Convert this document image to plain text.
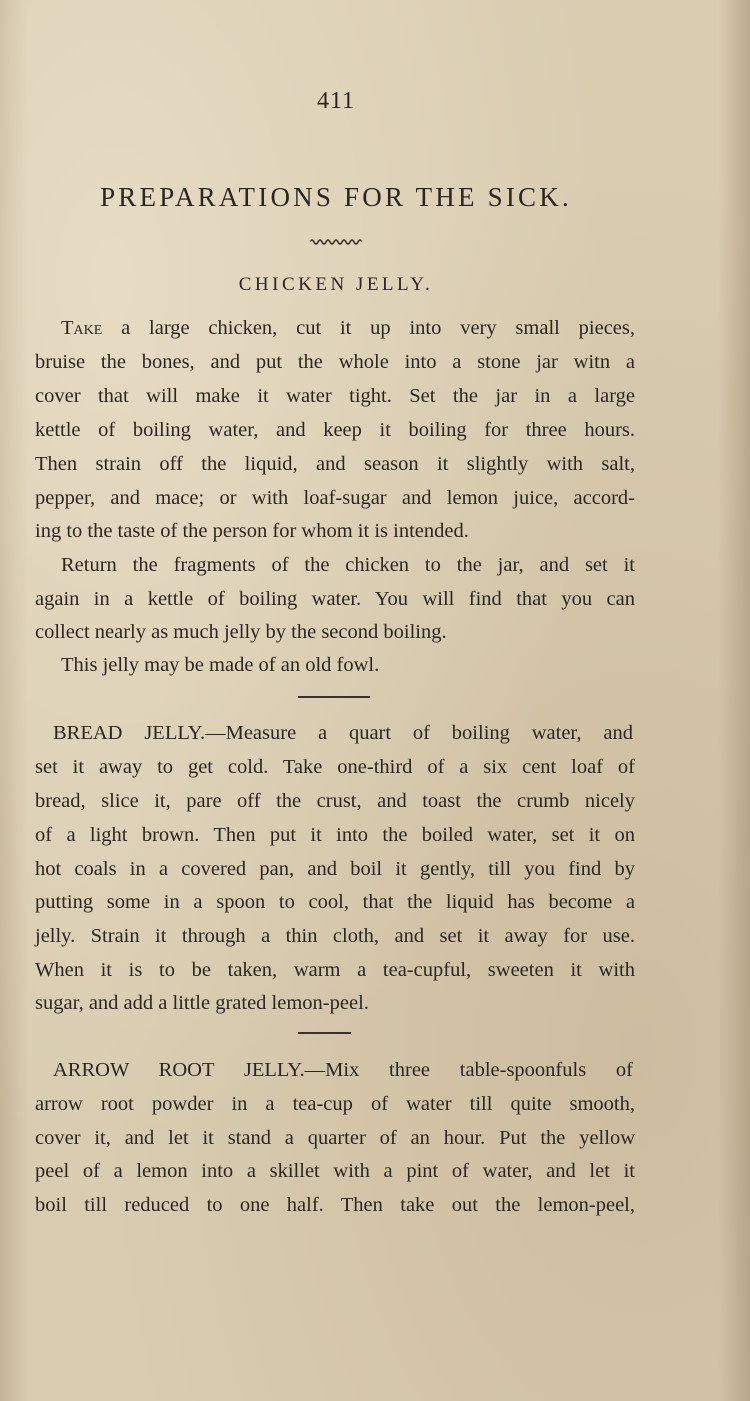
411
PREPARATIONS FOR THE SICK.
CHICKEN JELLY.
Take a large chicken, cut it up into very small pieces,
bruise the bones, and put the whole into a stone jar witn a
cover that will make it water tight. Set the jar in a large
kettle of boiling water, and keep it boiling for three hours.
Then strain off the liquid, and season it slightly with salt,
pepper, and mace; or with loaf-sugar and lemon juice, accord-
ing to the taste of the person for whom it is intended.
Return the fragments of the chicken to the jar, and set it
again in a kettle of boiling water. You will find that you can
collect nearly as much jelly by the second boiling.
This jelly may be made of an old fowl.
BREAD JELLY.—Measure a quart of boiling water, and
set it away to get cold. Take one-third of a six cent loaf of
bread, slice it, pare off the crust, and toast the crumb nicely
of a light brown. Then put it into the boiled water, set it on
hot coals in a covered pan, and boil it gently, till you find by
putting some in a spoon to cool, that the liquid has become a
jelly. Strain it through a thin cloth, and set it away for use.
When it is to be taken, warm a tea-cupful, sweeten it with
sugar, and add a little grated lemon-peel.
ARROW ROOT JELLY.—Mix three table-spoonfuls of
arrow root powder in a tea-cup of water till quite smooth,
cover it, and let it stand a quarter of an hour. Put the yellow
peel of a lemon into a skillet with a pint of water, and let it
boil till reduced to one half. Then take out the lemon-peel,
